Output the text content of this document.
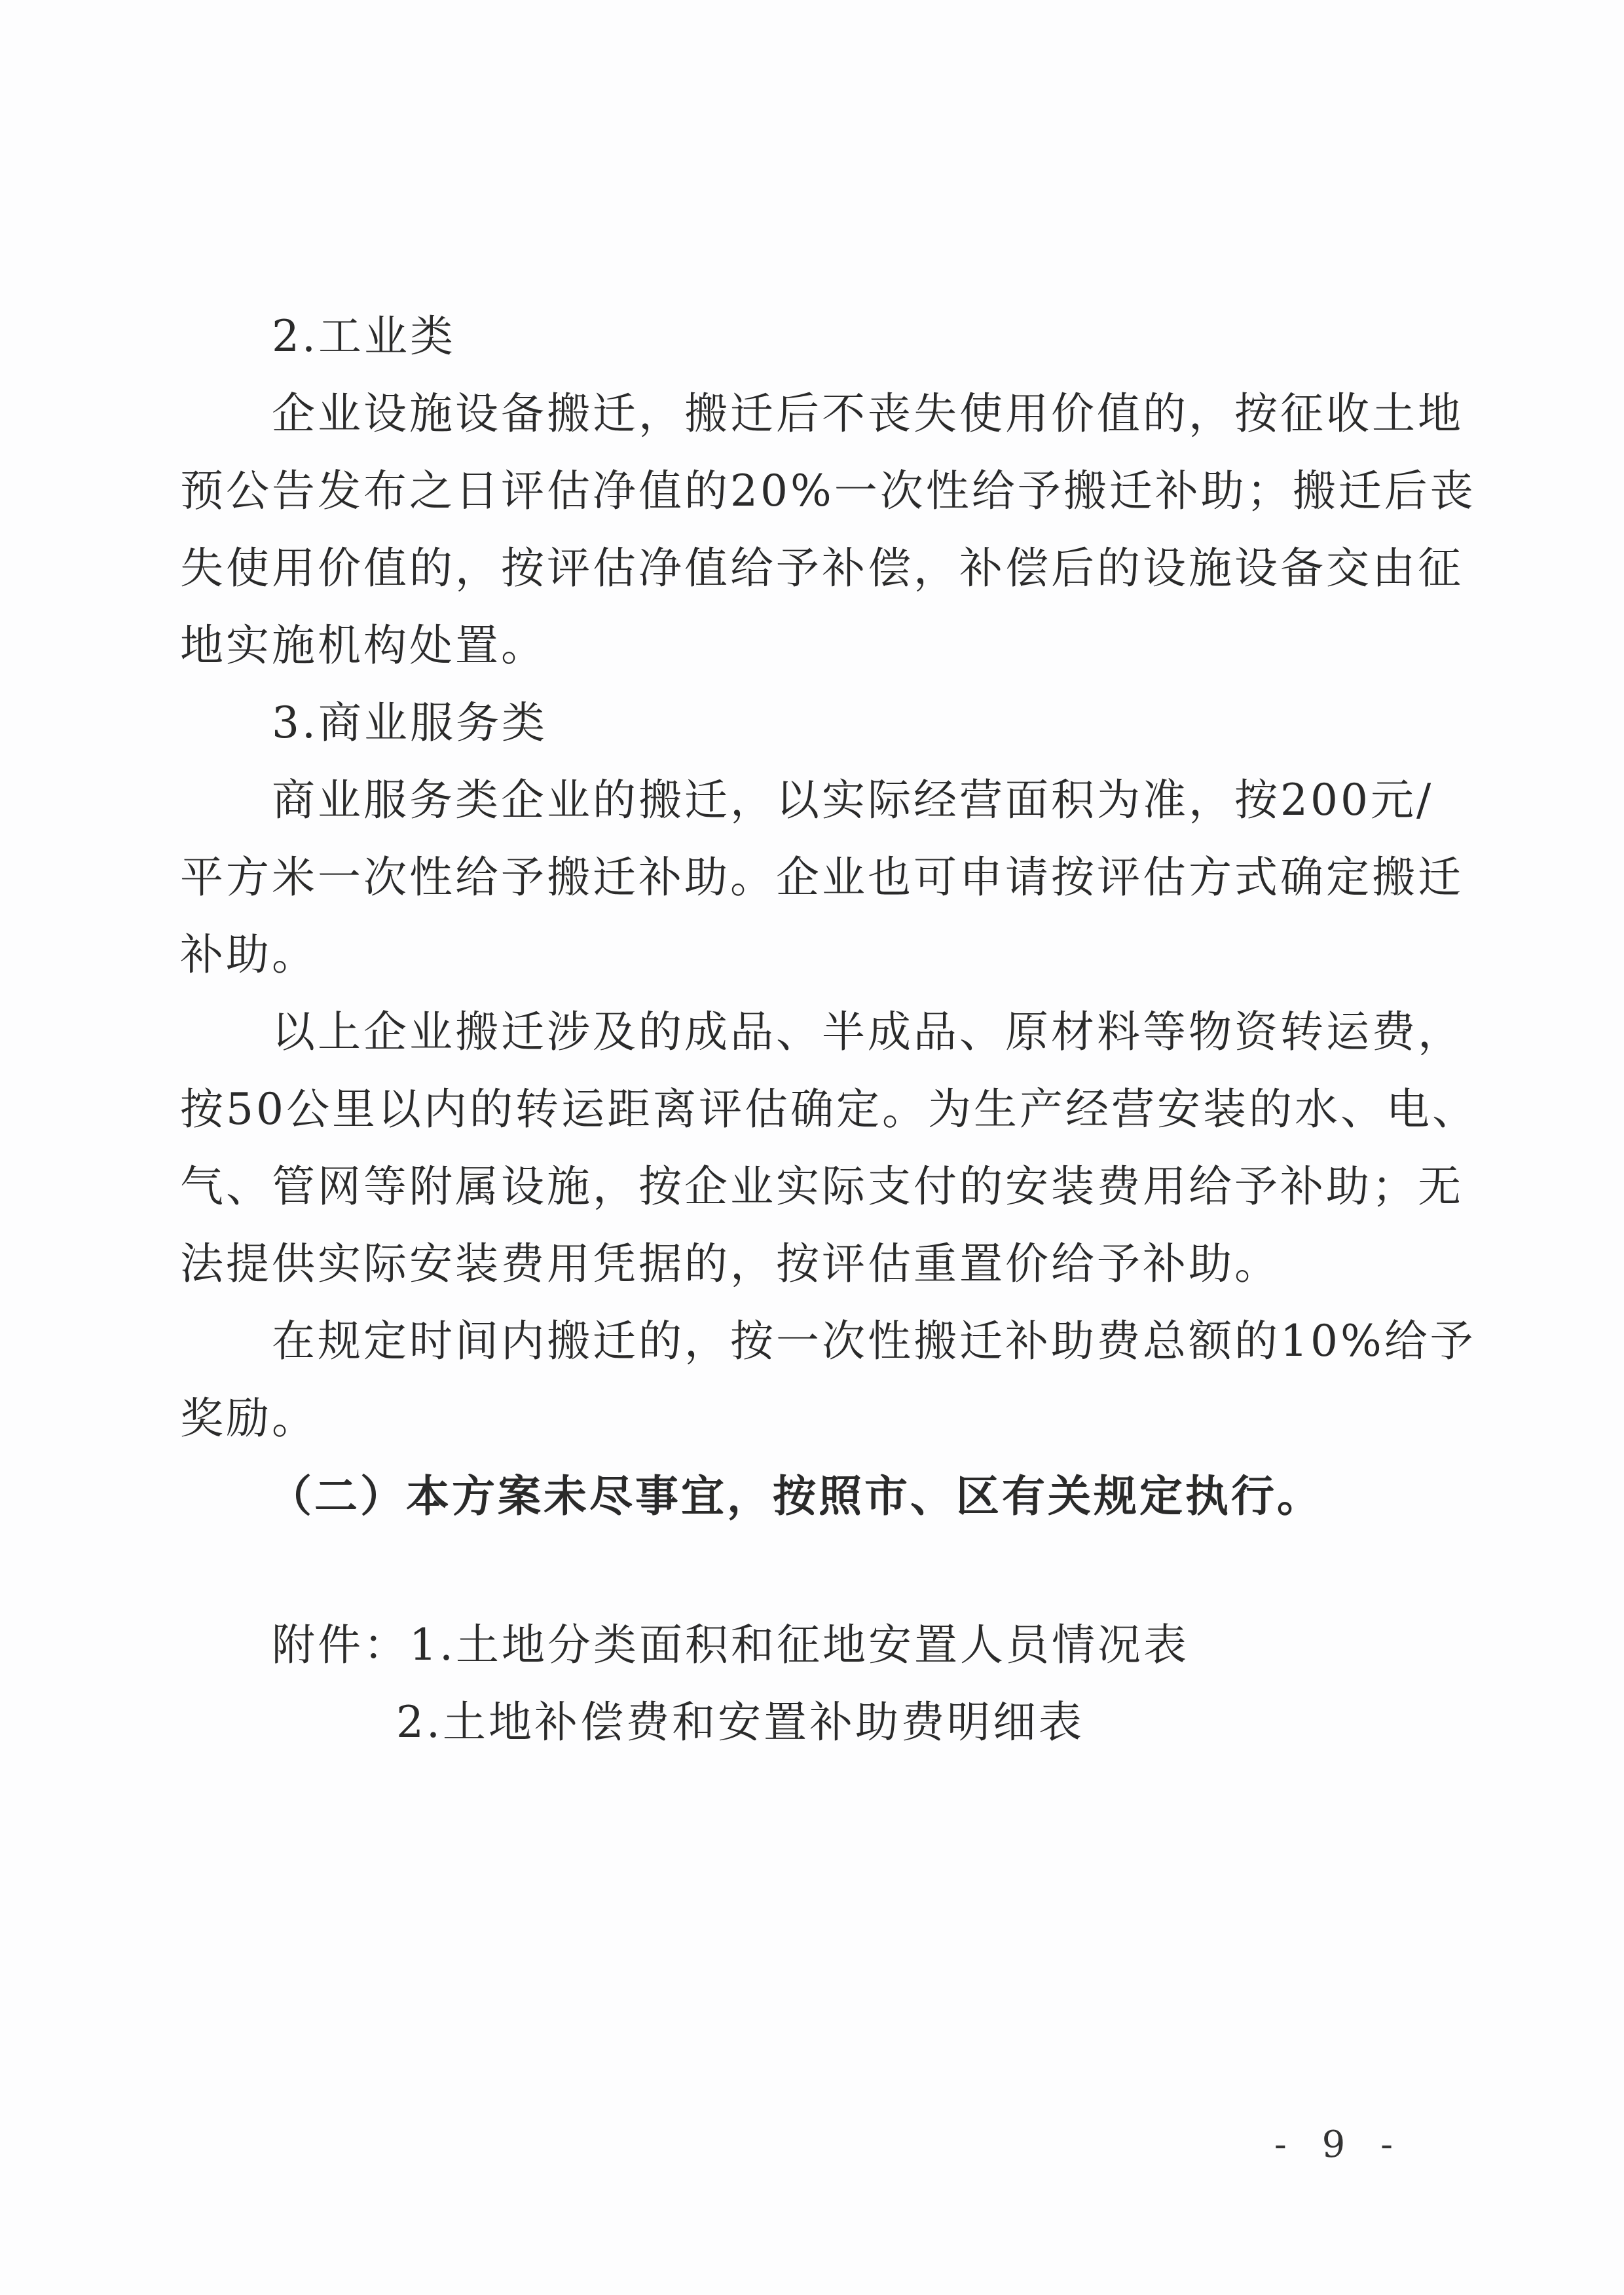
2.工业类
企业设施设备搬迁，搬迁后不丧失使用价值的，按征收土地
预公告发布之日评估净值的20%一次性给予搬迁补助；搬迁后丧
失使用价值的，按评估净值给予补偿，补偿后的设施设备交由征
地实施机构处置。
3.商业服务类
商业服务类企业的搬迁，以实际经营面积为准，按200元/
平方米一次性给予搬迁补助。企业也可申请按评估方式确定搬迁
补助。
以上企业搬迁涉及的成品、半成品、原材料等物资转运费，
按50公里以内的转运距离评估确定。为生产经营安装的水、电、
气、管网等附属设施，按企业实际支付的安装费用给予补助；无
法提供实际安装费用凭据的，按评估重置价给予补助。
在规定时间内搬迁的，按一次性搬迁补助费总额的10%给予
奖励。
（二）本方案未尽事宜，按照市、区有关规定执行。
附件：1.土地分类面积和征地安置人员情况表
2.土地补偿费和安置补助费明细表
- 9 -
